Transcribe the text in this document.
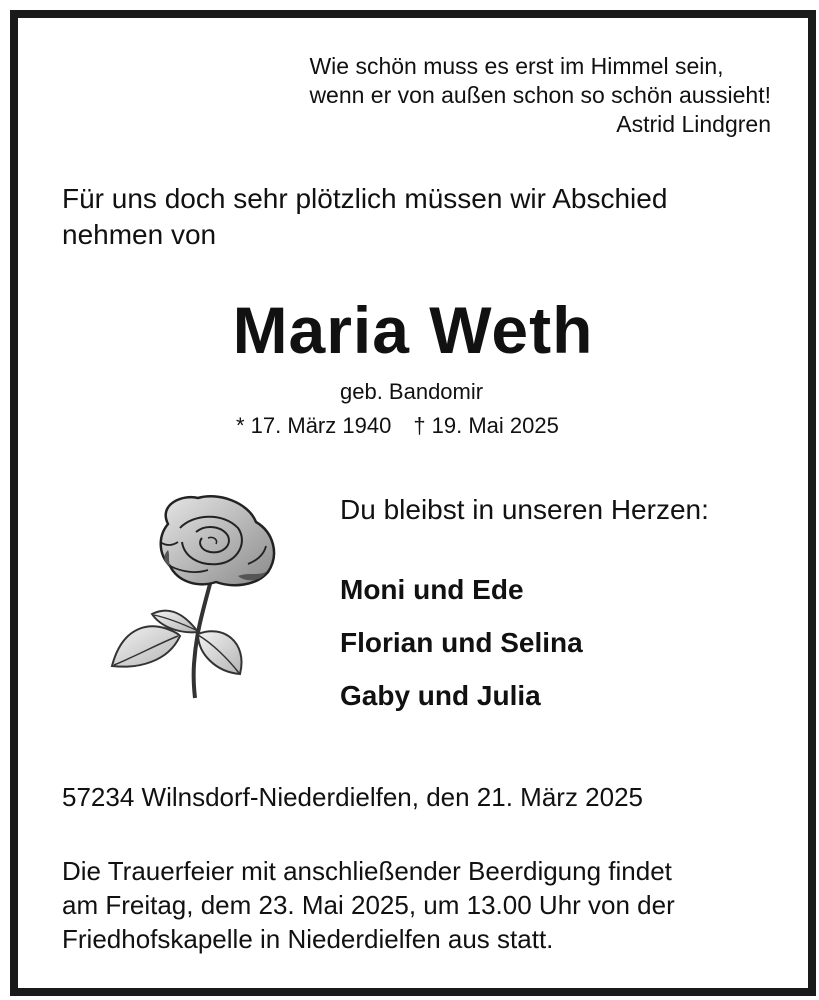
Wie schön muss es erst im Himmel sein,
wenn er von außen schon so schön aussieht!
Astrid Lindgren
Für uns doch sehr plötzlich müssen wir Abschied
nehmen von
Maria Weth
geb. Bandomir
* 17. März 1940 † 19. Mai 2025
Du bleibst in unseren Herzen:
Moni und Ede
Florian und Selina
Gaby und Julia
57234 Wilnsdorf-Niederdielfen, den 21. März 2025
Die Trauerfeier mit anschließender Beerdigung findet
am Freitag, dem 23. Mai 2025, um 13.00 Uhr von der
Friedhofskapelle in Niederdielfen aus statt.
